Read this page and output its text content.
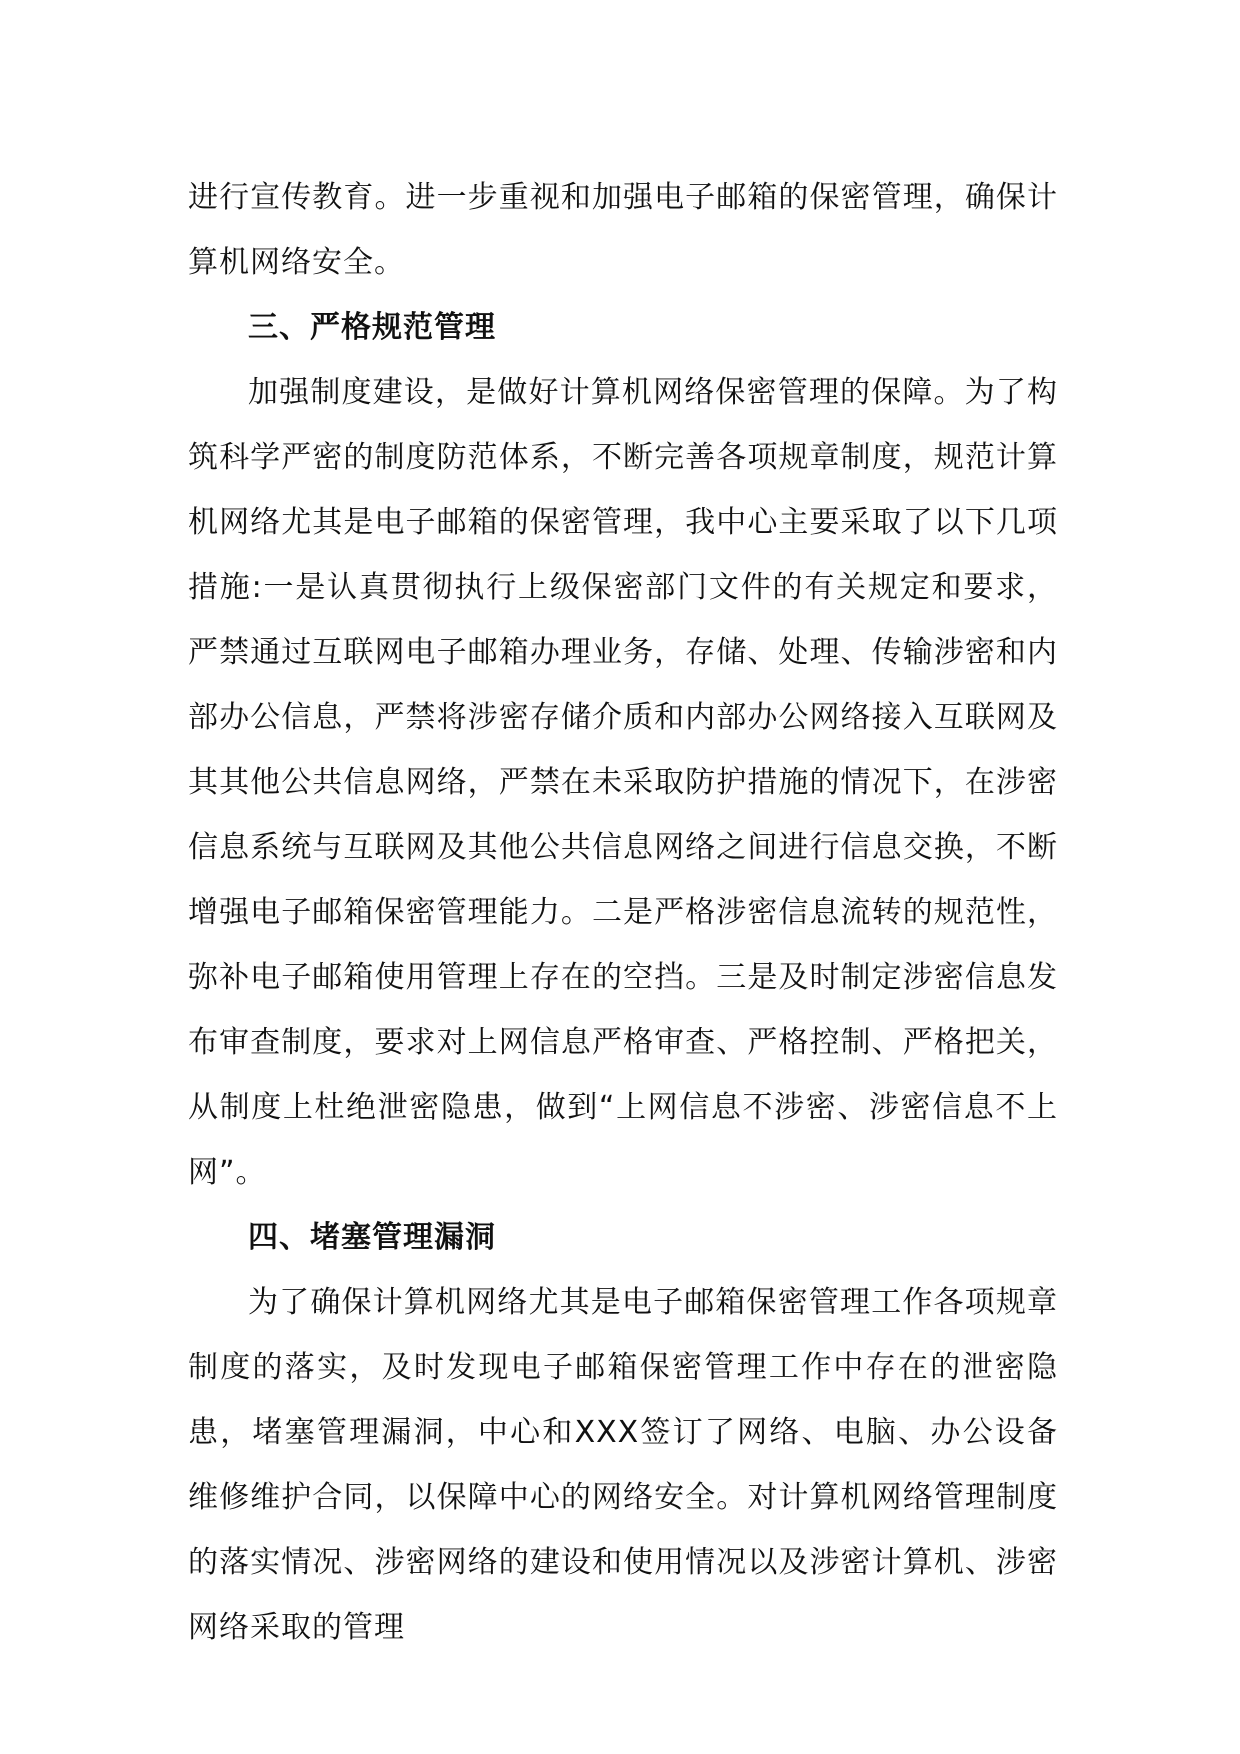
进行宣传教育。进一步重视和加强电子邮箱的保密管理，确保计算机网络安全。

三、严格规范管理

加强制度建设，是做好计算机网络保密管理的保障。为了构筑科学严密的制度防范体系，不断完善各项规章制度，规范计算机网络尤其是电子邮箱的保密管理，我中心主要采取了以下几项措施:一是认真贯彻执行上级保密部门文件的有关规定和要求，严禁通过互联网电子邮箱办理业务，存储、处理、传输涉密和内部办公信息，严禁将涉密存储介质和内部办公网络接入互联网及其其他公共信息网络，严禁在未采取防护措施的情况下，在涉密信息系统与互联网及其他公共信息网络之间进行信息交换，不断增强电子邮箱保密管理能力。二是严格涉密信息流转的规范性，弥补电子邮箱使用管理上存在的空挡。三是及时制定涉密信息发布审查制度，要求对上网信息严格审查、严格控制、严格把关，从制度上杜绝泄密隐患，做到“上网信息不涉密、涉密信息不上网”。

四、堵塞管理漏洞

为了确保计算机网络尤其是电子邮箱保密管理工作各项规章制度的落实，及时发现电子邮箱保密管理工作中存在的泄密隐患，堵塞管理漏洞，中心和XXX签订了网络、电脑、办公设备维修维护合同，以保障中心的网络安全。对计算机网络管理制度的落实情况、涉密网络的建设和使用情况以及涉密计算机、涉密网络采取的管理
